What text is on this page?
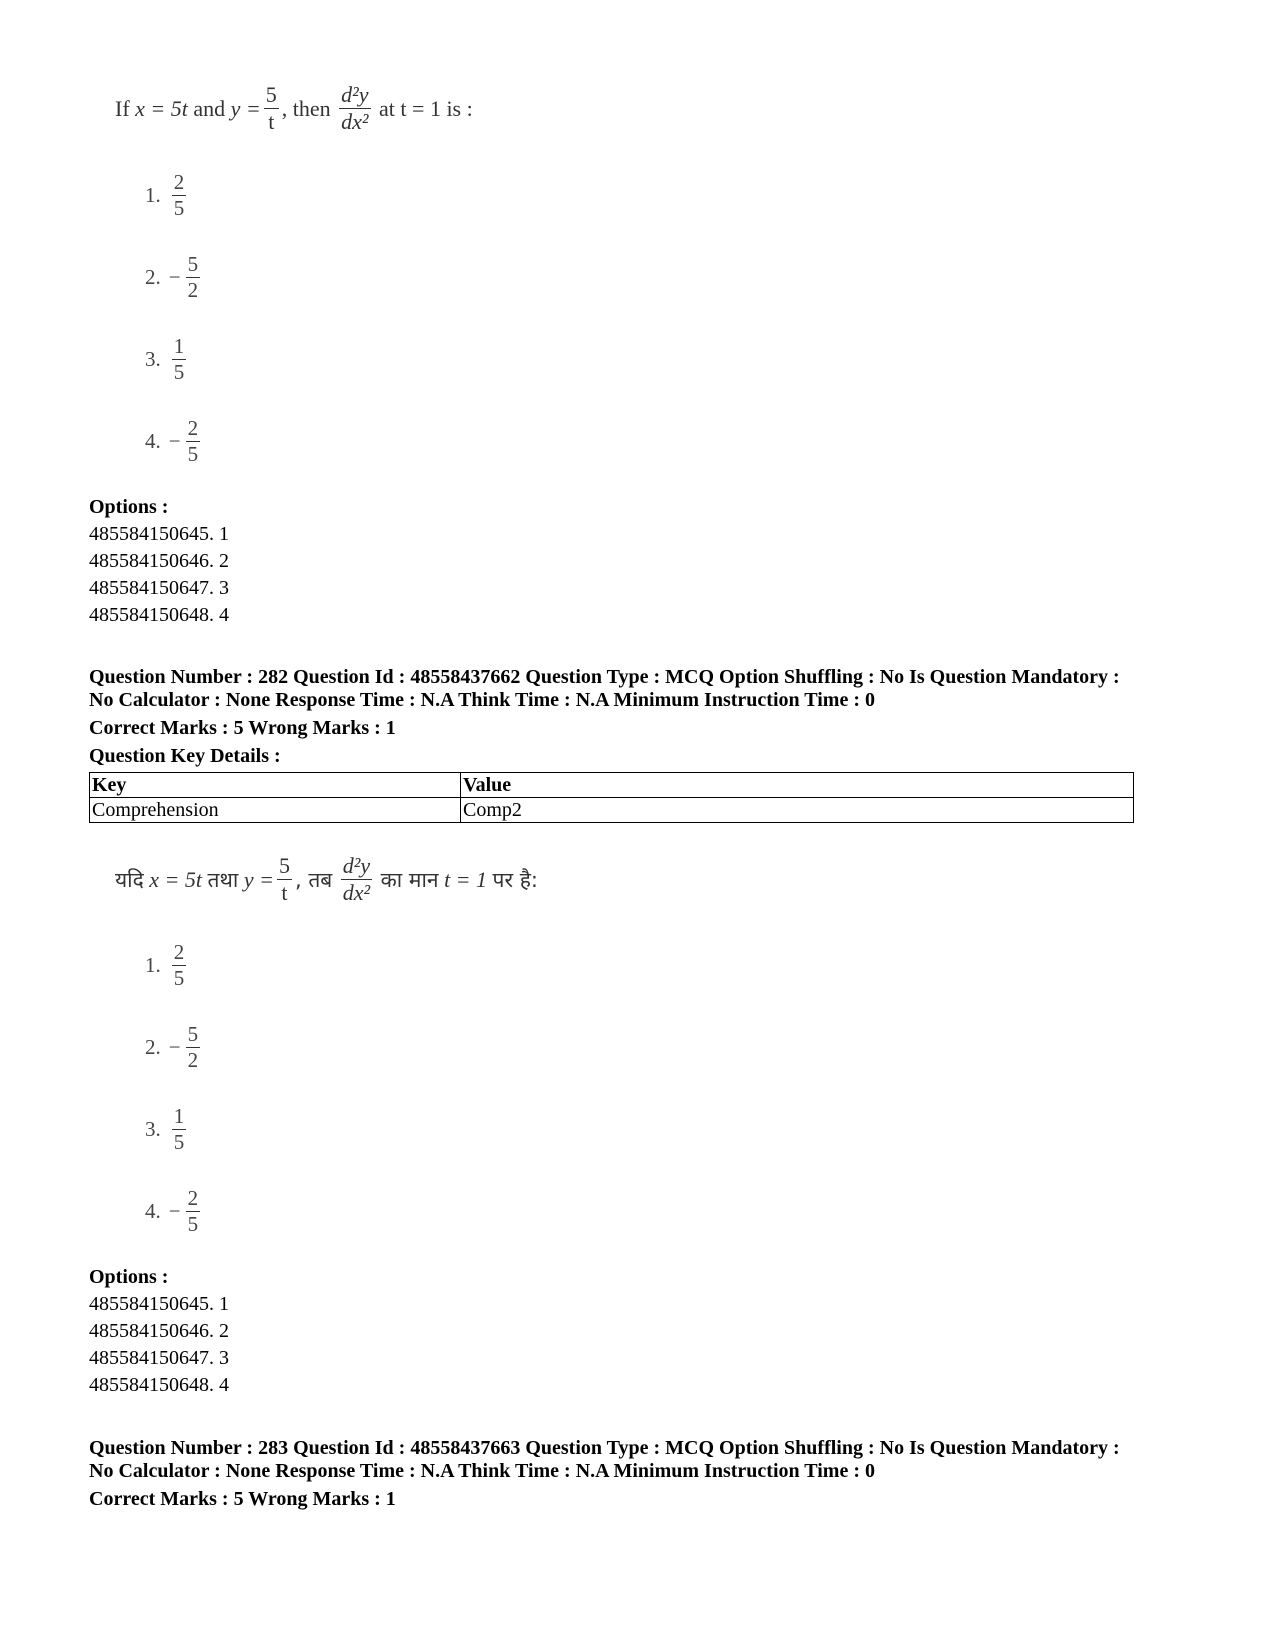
If
x = 5t
and
$y = \frac{5}{t}$ , then
$\frac{\text{d²y}}{\text{dx²}}$
at t = 1 is :
1. $\frac{2}{5}$
2. − $\frac{5}{2}$
3. $\frac{1}{5}$
4. − $\frac{2}{5}$
Options :
485584150645. 1
485584150646. 2
485584150647. 3
485584150648. 4
Question Number : 282 Question Id : 48558437662 Question Type : MCQ Option Shuffling : No Is Question Mandatory :
No Calculator : None Response Time : N.A Think Time : N.A Minimum Instruction Time : 0
Correct Marks : 5 Wrong Marks : 1
Question Key Details :
Key	Value
Comprehension	Comp2
यदि
x = 5t
तथा
$y = \frac{5}{t}$ , तब
$\frac{\text{d²y}}{\text{dx²}}$
का मान
t = 1
पर है:
1. $\frac{2}{5}$
2. − $\frac{5}{2}$
3. $\frac{1}{5}$
4. − $\frac{2}{5}$
Options :
485584150645. 1
485584150646. 2
485584150647. 3
485584150648. 4
Question Number : 283 Question Id : 48558437663 Question Type : MCQ Option Shuffling : No Is Question Mandatory :
No Calculator : None Response Time : N.A Think Time : N.A Minimum Instruction Time : 0
Correct Marks : 5 Wrong Marks : 1
